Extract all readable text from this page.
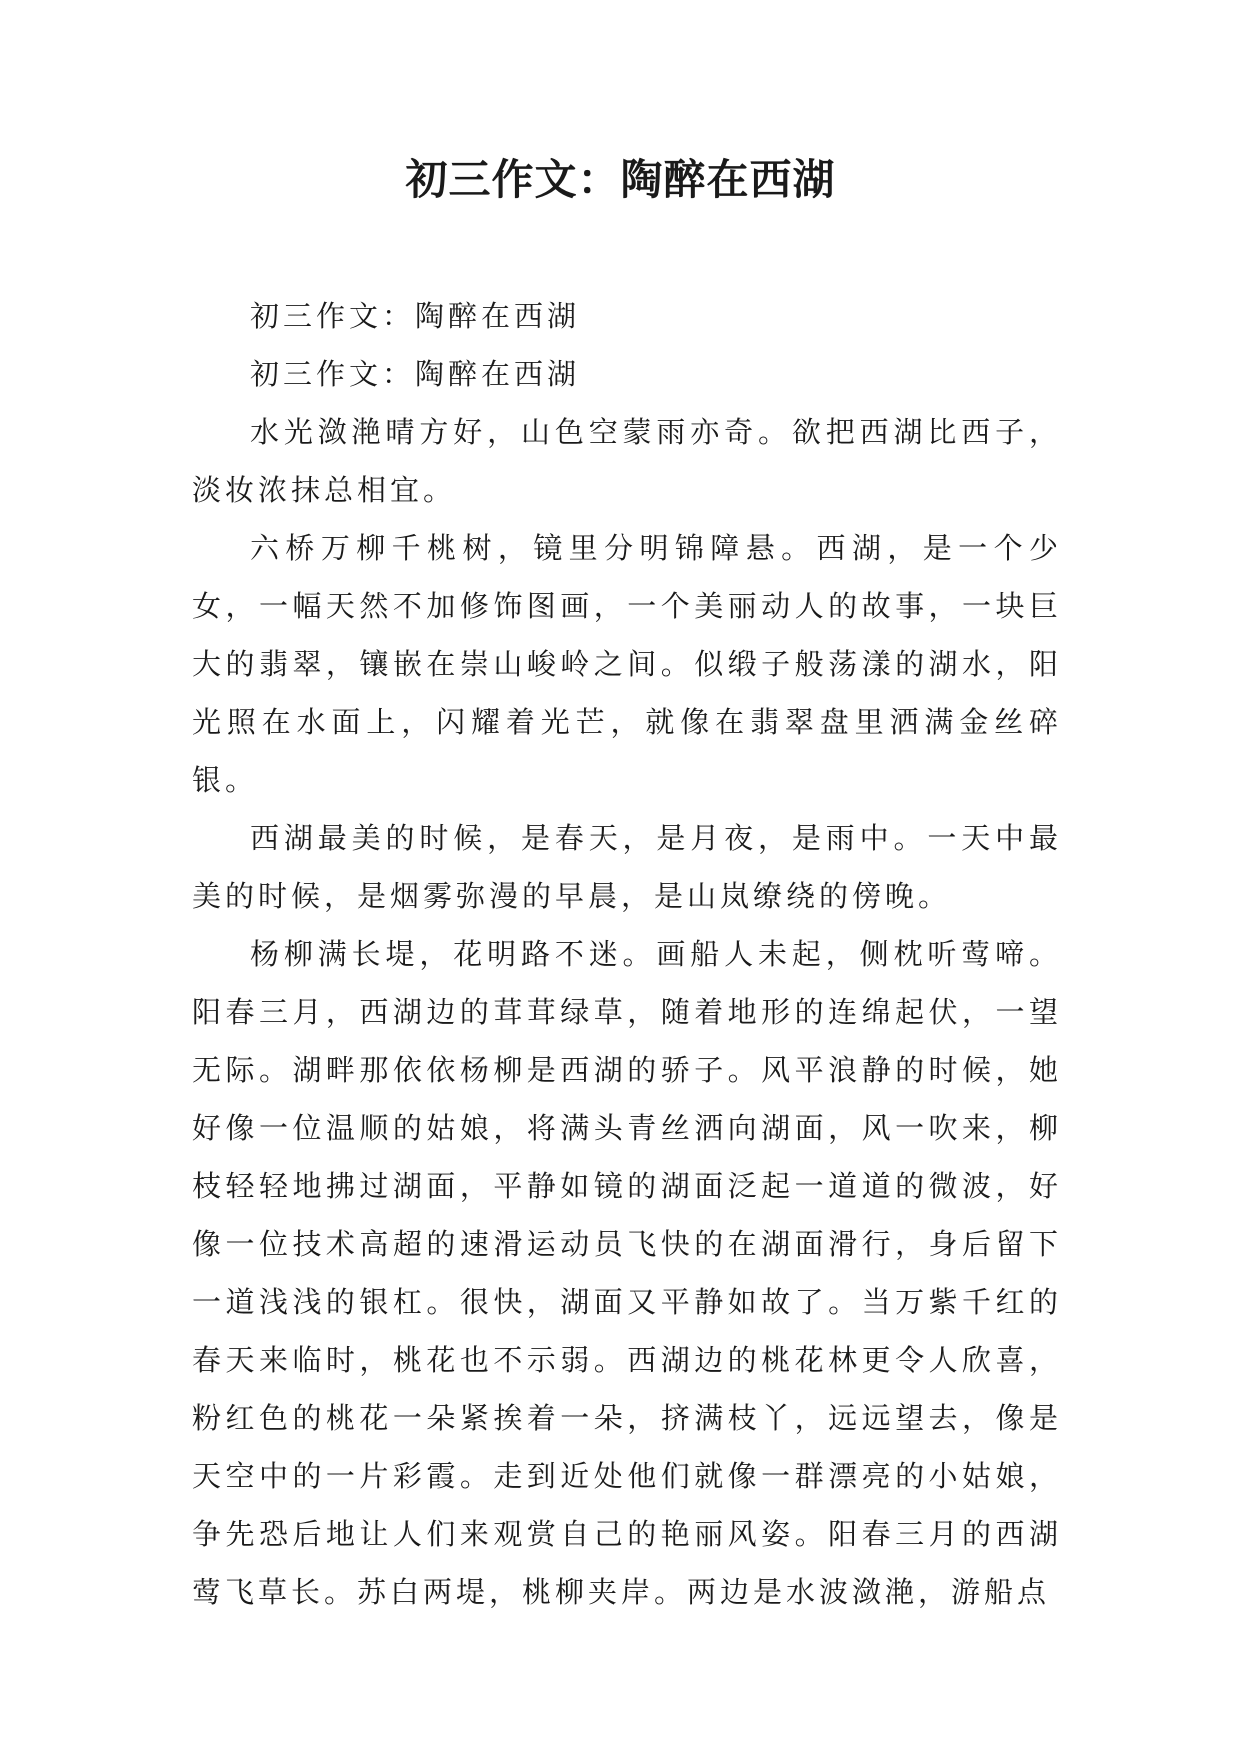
初三作文：陶醉在西湖

初三作文：陶醉在西湖

初三作文：陶醉在西湖

水光潋滟晴方好，山色空蒙雨亦奇。欲把西湖比西子，淡妆浓抹总相宜。

六桥万柳千桃树，镜里分明锦障悬。西湖，是一个少女，一幅天然不加修饰图画，一个美丽动人的故事，一块巨大的翡翠，镶嵌在崇山峻岭之间。似缎子般荡漾的湖水，阳光照在水面上，闪耀着光芒，就像在翡翠盘里洒满金丝碎银。

西湖最美的时候，是春天，是月夜，是雨中。一天中最美的时候，是烟雾弥漫的早晨，是山岚缭绕的傍晚。

杨柳满长堤，花明路不迷。画船人未起，侧枕听莺啼。阳春三月，西湖边的茸茸绿草，随着地形的连绵起伏，一望无际。湖畔那依依杨柳是西湖的骄子。风平浪静的时候，她好像一位温顺的姑娘，将满头青丝洒向湖面，风一吹来，柳枝轻轻地拂过湖面，平静如镜的湖面泛起一道道的微波，好像一位技术高超的速滑运动员飞快的在湖面滑行，身后留下一道浅浅的银杠。很快，湖面又平静如故了。当万紫千红的春天来临时，桃花也不示弱。西湖边的桃花林更令人欣喜，粉红色的桃花一朵紧挨着一朵，挤满枝丫，远远望去，像是天空中的一片彩霞。走到近处他们就像一群漂亮的小姑娘，争先恐后地让人们来观赏自己的艳丽风姿。阳春三月的西湖莺飞草长。苏白两堤，桃柳夹岸。两边是水波潋滟，游船点
